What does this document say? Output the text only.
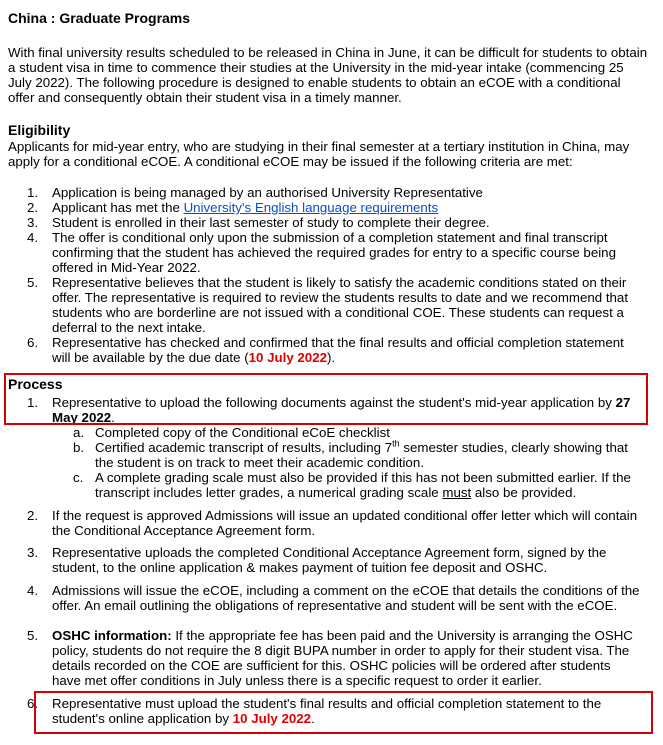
China : Graduate Programs
With final university results scheduled to be released in China in June, it can be difficult for students to obtain a student visa in time to commence their studies at the University in the mid-year intake (commencing 25 July 2022). The following procedure is designed to enable students to obtain an eCOE with a conditional offer and consequently obtain their student visa in a timely manner.
Eligibility
Applicants for mid-year entry, who are studying in their final semester at a tertiary institution in China, may apply for a conditional eCOE. A conditional eCOE may be issued if the following criteria are met:
1. Application is being managed by an authorised University Representative
2. Applicant has met the University's English language requirements
3. Student is enrolled in their last semester of study to complete their degree.
4. The offer is conditional only upon the submission of a completion statement and final transcript confirming that the student has achieved the required grades for entry to a specific course being offered in Mid-Year 2022.
5. Representative believes that the student is likely to satisfy the academic conditions stated on their offer. The representative is required to review the students results to date and we recommend that students who are borderline are not issued with a conditional COE. These students can request a deferral to the next intake.
6. Representative has checked and confirmed that the final results and official completion statement will be available by the due date (10 July 2022).
Process
1. Representative to upload the following documents against the student's mid-year application by 27 May 2022.
a. Completed copy of the Conditional eCoE checklist
b. Certified academic transcript of results, including 7th semester studies, clearly showing that the student is on track to meet their academic condition.
c. A complete grading scale must also be provided if this has not been submitted earlier. If the transcript includes letter grades, a numerical grading scale must also be provided.
2. If the request is approved Admissions will issue an updated conditional offer letter which will contain the Conditional Acceptance Agreement form.
3. Representative uploads the completed Conditional Acceptance Agreement form, signed by the student, to the online application & makes payment of tuition fee deposit and OSHC.
4. Admissions will issue the eCOE, including a comment on the eCOE that details the conditions of the offer. An email outlining the obligations of representative and student will be sent with the eCOE.
5. OSHC information: If the appropriate fee has been paid and the University is arranging the OSHC policy, students do not require the 8 digit BUPA number in order to apply for their student visa. The details recorded on the COE are sufficient for this. OSHC policies will be ordered after students have met offer conditions in July unless there is a specific request to order it earlier.
6. Representative must upload the student's final results and official completion statement to the student's online application by 10 July 2022.
